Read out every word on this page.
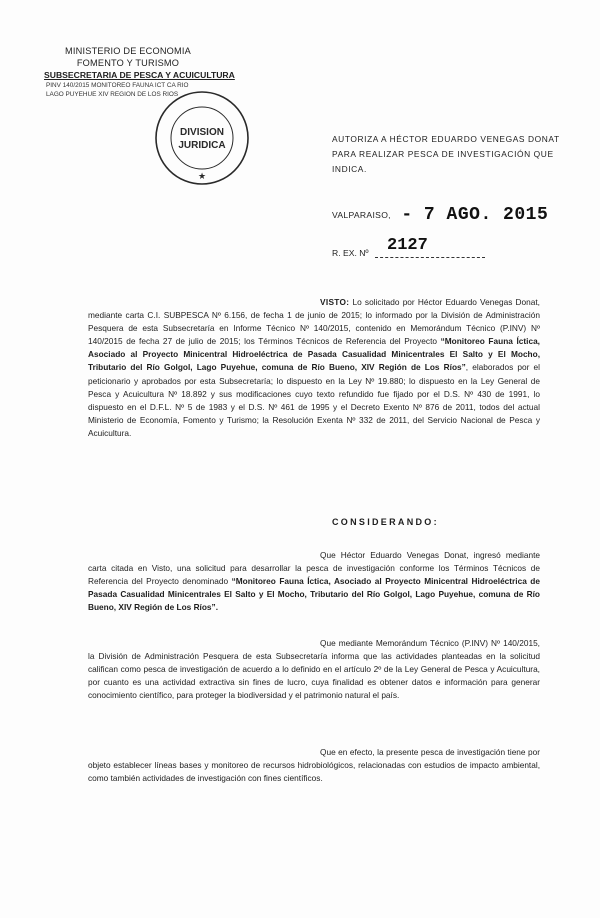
MINISTERIO DE ECONOMIA
FOMENTO Y TURISMO
SUBSECRETARIA DE PESCA Y ACUICULTURA
PINV 140/2015 MONITOREO FAUNA ICT CA RIO
LAGO PUYEHUE XIV REGION DE LOS RIOS
DIVISION
JURIDICA
★
AUTORIZA A HÉCTOR EDUARDO VENEGAS DONAT PARA REALIZAR PESCA DE INVESTIGACIÓN QUE INDICA.
VALPARAISO, - 7 AGO. 2015
R. EX. Nº 2127
VISTO: Lo solicitado por Héctor Eduardo Venegas Donat, mediante carta C.I. SUBPESCA Nº 6.156, de fecha 1 de junio de 2015; lo informado por la División de Administración Pesquera de esta Subsecretaría en Informe Técnico Nº 140/2015, contenido en Memorándum Técnico (P.INV) Nº 140/2015 de fecha 27 de julio de 2015; los Términos Técnicos de Referencia del Proyecto “Monitoreo Fauna Íctica, Asociado al Proyecto Minicentral Hidroeléctrica de Pasada Casualidad Minicentrales El Salto y El Mocho, Tributario del Río Golgol, Lago Puyehue, comuna de Río Bueno, XIV Región de Los Ríos”, elaborados por el peticionario y aprobados por esta Subsecretaría; lo dispuesto en la Ley Nº 19.880; lo dispuesto en la Ley General de Pesca y Acuicultura Nº 18.892 y sus modificaciones cuyo texto refundido fue fijado por el D.S. Nº 430 de 1991, lo dispuesto en el D.F.L. Nº 5 de 1983 y el D.S. Nº 461 de 1995 y el Decreto Exento Nº 876 de 2011, todos del actual Ministerio de Economía, Fomento y Turismo; la Resolución Exenta Nº 332 de 2011, del Servicio Nacional de Pesca y Acuicultura.
CONSIDERANDO:
Que Héctor Eduardo Venegas Donat, ingresó mediante carta citada en Visto, una solicitud para desarrollar la pesca de investigación conforme los Términos Técnicos de Referencia del Proyecto denominado “Monitoreo Fauna Íctica, Asociado al Proyecto Minicentral Hidroeléctrica de Pasada Casualidad Minicentrales El Salto y El Mocho, Tributario del Río Golgol, Lago Puyehue, comuna de Río Bueno, XIV Región de Los Ríos”.
Que mediante Memorándum Técnico (P.INV) Nº 140/2015, la División de Administración Pesquera de esta Subsecretaría informa que las actividades planteadas en la solicitud califican como pesca de investigación de acuerdo a lo definido en el artículo 2º de la Ley General de Pesca y Acuicultura, por cuanto es una actividad extractiva sin fines de lucro, cuya finalidad es obtener datos e información para generar conocimiento científico, para proteger la biodiversidad y el patrimonio natural el país.
Que en efecto, la presente pesca de investigación tiene por objeto establecer líneas bases y monitoreo de recursos hidrobiológicos, relacionadas con estudios de impacto ambiental, como también actividades de investigación con fines científicos.
